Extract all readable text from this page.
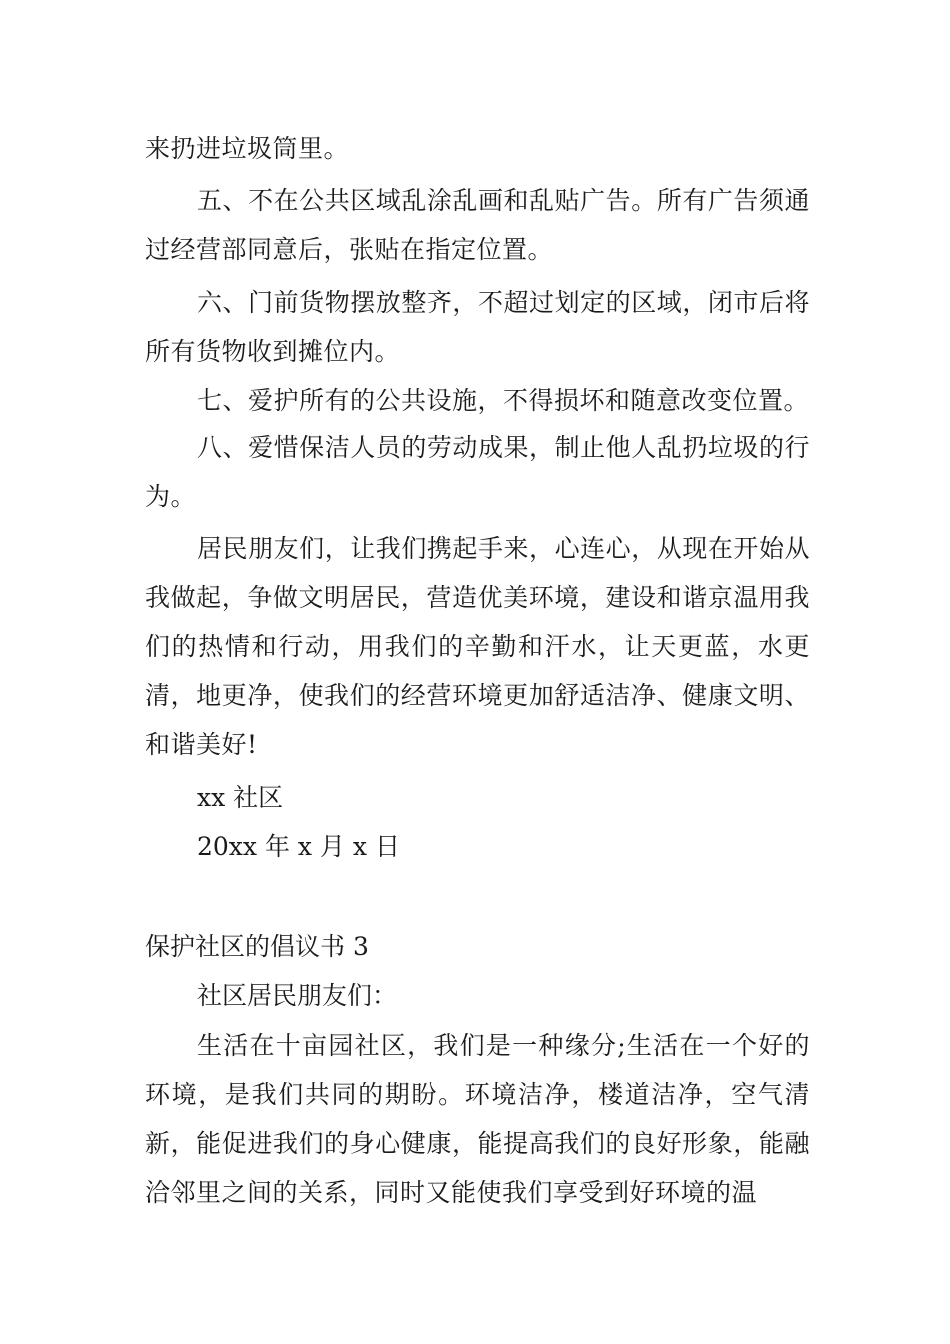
来扔进垃圾筒里。

五、不在公共区域乱涂乱画和乱贴广告。所有广告须通过经营部同意后，张贴在指定位置。

六、门前货物摆放整齐，不超过划定的区域，闭市后将所有货物收到摊位内。

七、爱护所有的公共设施，不得损坏和随意改变位置。

八、爱惜保洁人员的劳动成果，制止他人乱扔垃圾的行为。

居民朋友们，让我们携起手来，心连心，从现在开始从我做起，争做文明居民，营造优美环境，建设和谐京温用我们的热情和行动，用我们的辛勤和汗水，让天更蓝，水更清，地更净，使我们的经营环境更加舒适洁净、健康文明、和谐美好!

xx 社区

20xx 年 x 月 x 日

保护社区的倡议书 3

社区居民朋友们：

生活在十亩园社区，我们是一种缘分;生活在一个好的环境，是我们共同的期盼。环境洁净，楼道洁净，空气清新，能促进我们的身心健康，能提高我们的良好形象，能融洽邻里之间的关系，同时又能使我们享受到好环境的温
